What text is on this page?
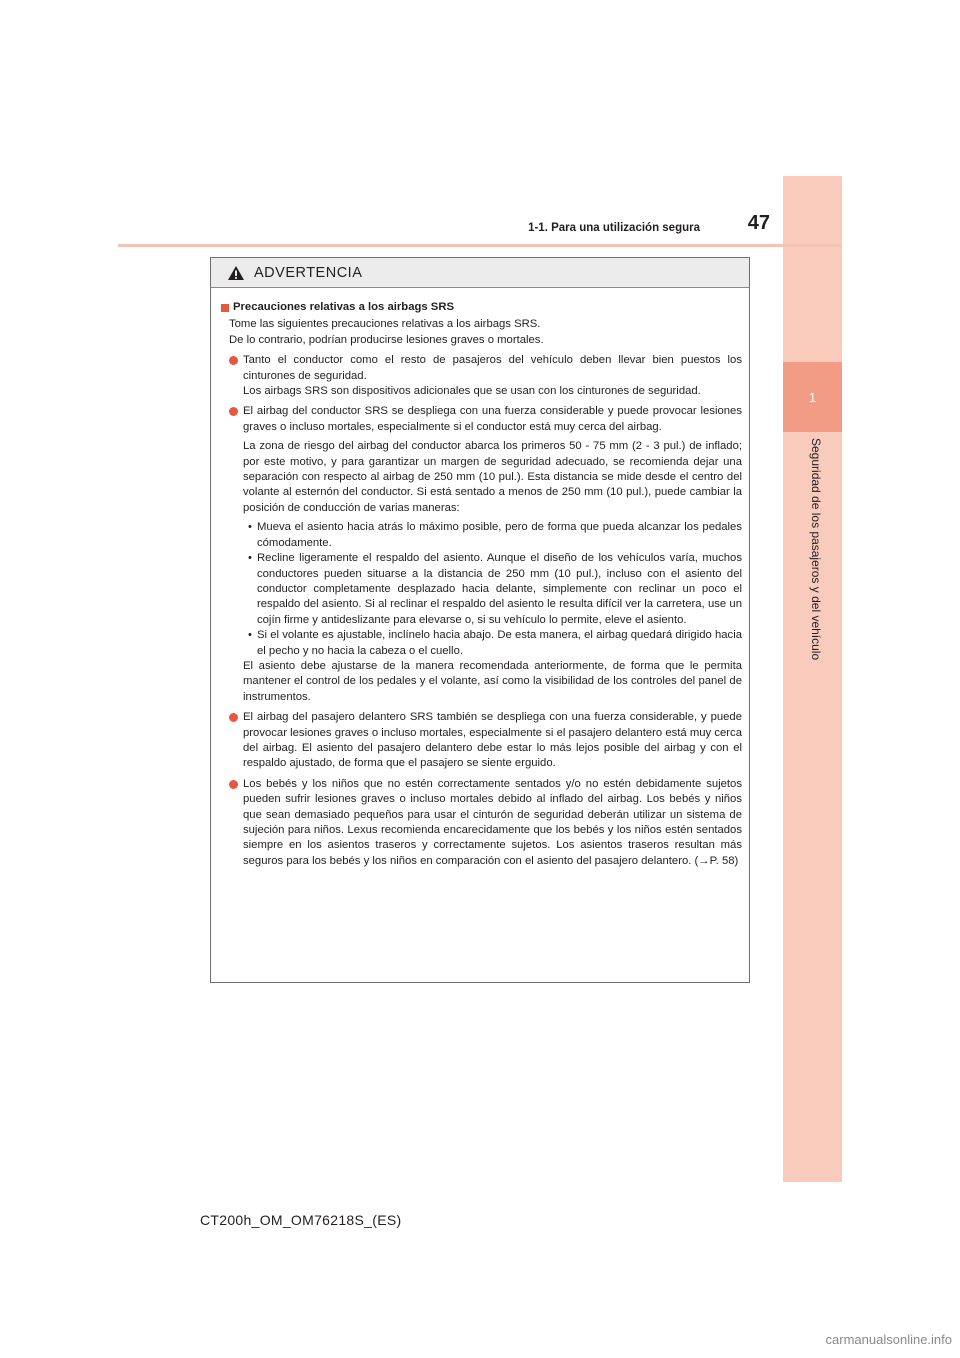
1
Seguridad de los pasajeros y del vehículo
1-1. Para una utilización segura	47
ADVERTENCIA
Precauciones relativas a los airbags SRS
Tome las siguientes precauciones relativas a los airbags SRS.
De lo contrario, podrían producirse lesiones graves o mortales.
Tanto el conductor como el resto de pasajeros del vehículo deben llevar bien puestos los cinturones de seguridad.
Los airbags SRS son dispositivos adicionales que se usan con los cinturones de seguridad.
El airbag del conductor SRS se despliega con una fuerza considerable y puede provocar lesiones graves o incluso mortales, especialmente si el conductor está muy cerca del airbag.
La zona de riesgo del airbag del conductor abarca los primeros 50 - 75 mm (2 - 3 pul.) de inflado; por este motivo, y para garantizar un margen de seguridad adecuado, se recomienda dejar una separación con respecto al airbag de 250 mm (10 pul.). Esta distancia se mide desde el centro del volante al esternón del conductor. Si está sentado a menos de 250 mm (10 pul.), puede cambiar la posición de conducción de varias maneras:
• Mueva el asiento hacia atrás lo máximo posible, pero de forma que pueda alcanzar los pedales cómodamente.
• Recline ligeramente el respaldo del asiento. Aunque el diseño de los vehículos varía, muchos conductores pueden situarse a la distancia de 250 mm (10 pul.), incluso con el asiento del conductor completamente desplazado hacia delante, simplemente con reclinar un poco el respaldo del asiento. Si al reclinar el respaldo del asiento le resulta difícil ver la carretera, use un cojín firme y antideslizante para elevarse o, si su vehículo lo permite, eleve el asiento.
• Si el volante es ajustable, inclínelo hacia abajo. De esta manera, el airbag quedará dirigido hacia el pecho y no hacia la cabeza o el cuello.
El asiento debe ajustarse de la manera recomendada anteriormente, de forma que le permita mantener el control de los pedales y el volante, así como la visibilidad de los controles del panel de instrumentos.
El airbag del pasajero delantero SRS también se despliega con una fuerza considerable, y puede provocar lesiones graves o incluso mortales, especialmente si el pasajero delantero está muy cerca del airbag. El asiento del pasajero delantero debe estar lo más lejos posible del airbag y con el respaldo ajustado, de forma que el pasajero se siente erguido.
Los bebés y los niños que no estén correctamente sentados y/o no estén debidamente sujetos pueden sufrir lesiones graves o incluso mortales debido al inflado del airbag. Los bebés y niños que sean demasiado pequeños para usar el cinturón de seguridad deberán utilizar un sistema de sujeción para niños. Lexus recomienda encarecidamente que los bebés y los niños estén sentados siempre en los asientos traseros y correctamente sujetos. Los asientos traseros resultan más seguros para los bebés y los niños en comparación con el asiento del pasajero delantero. (→P. 58)
CT200h_OM_OM76218S_(ES)
carmanualsonline.info
